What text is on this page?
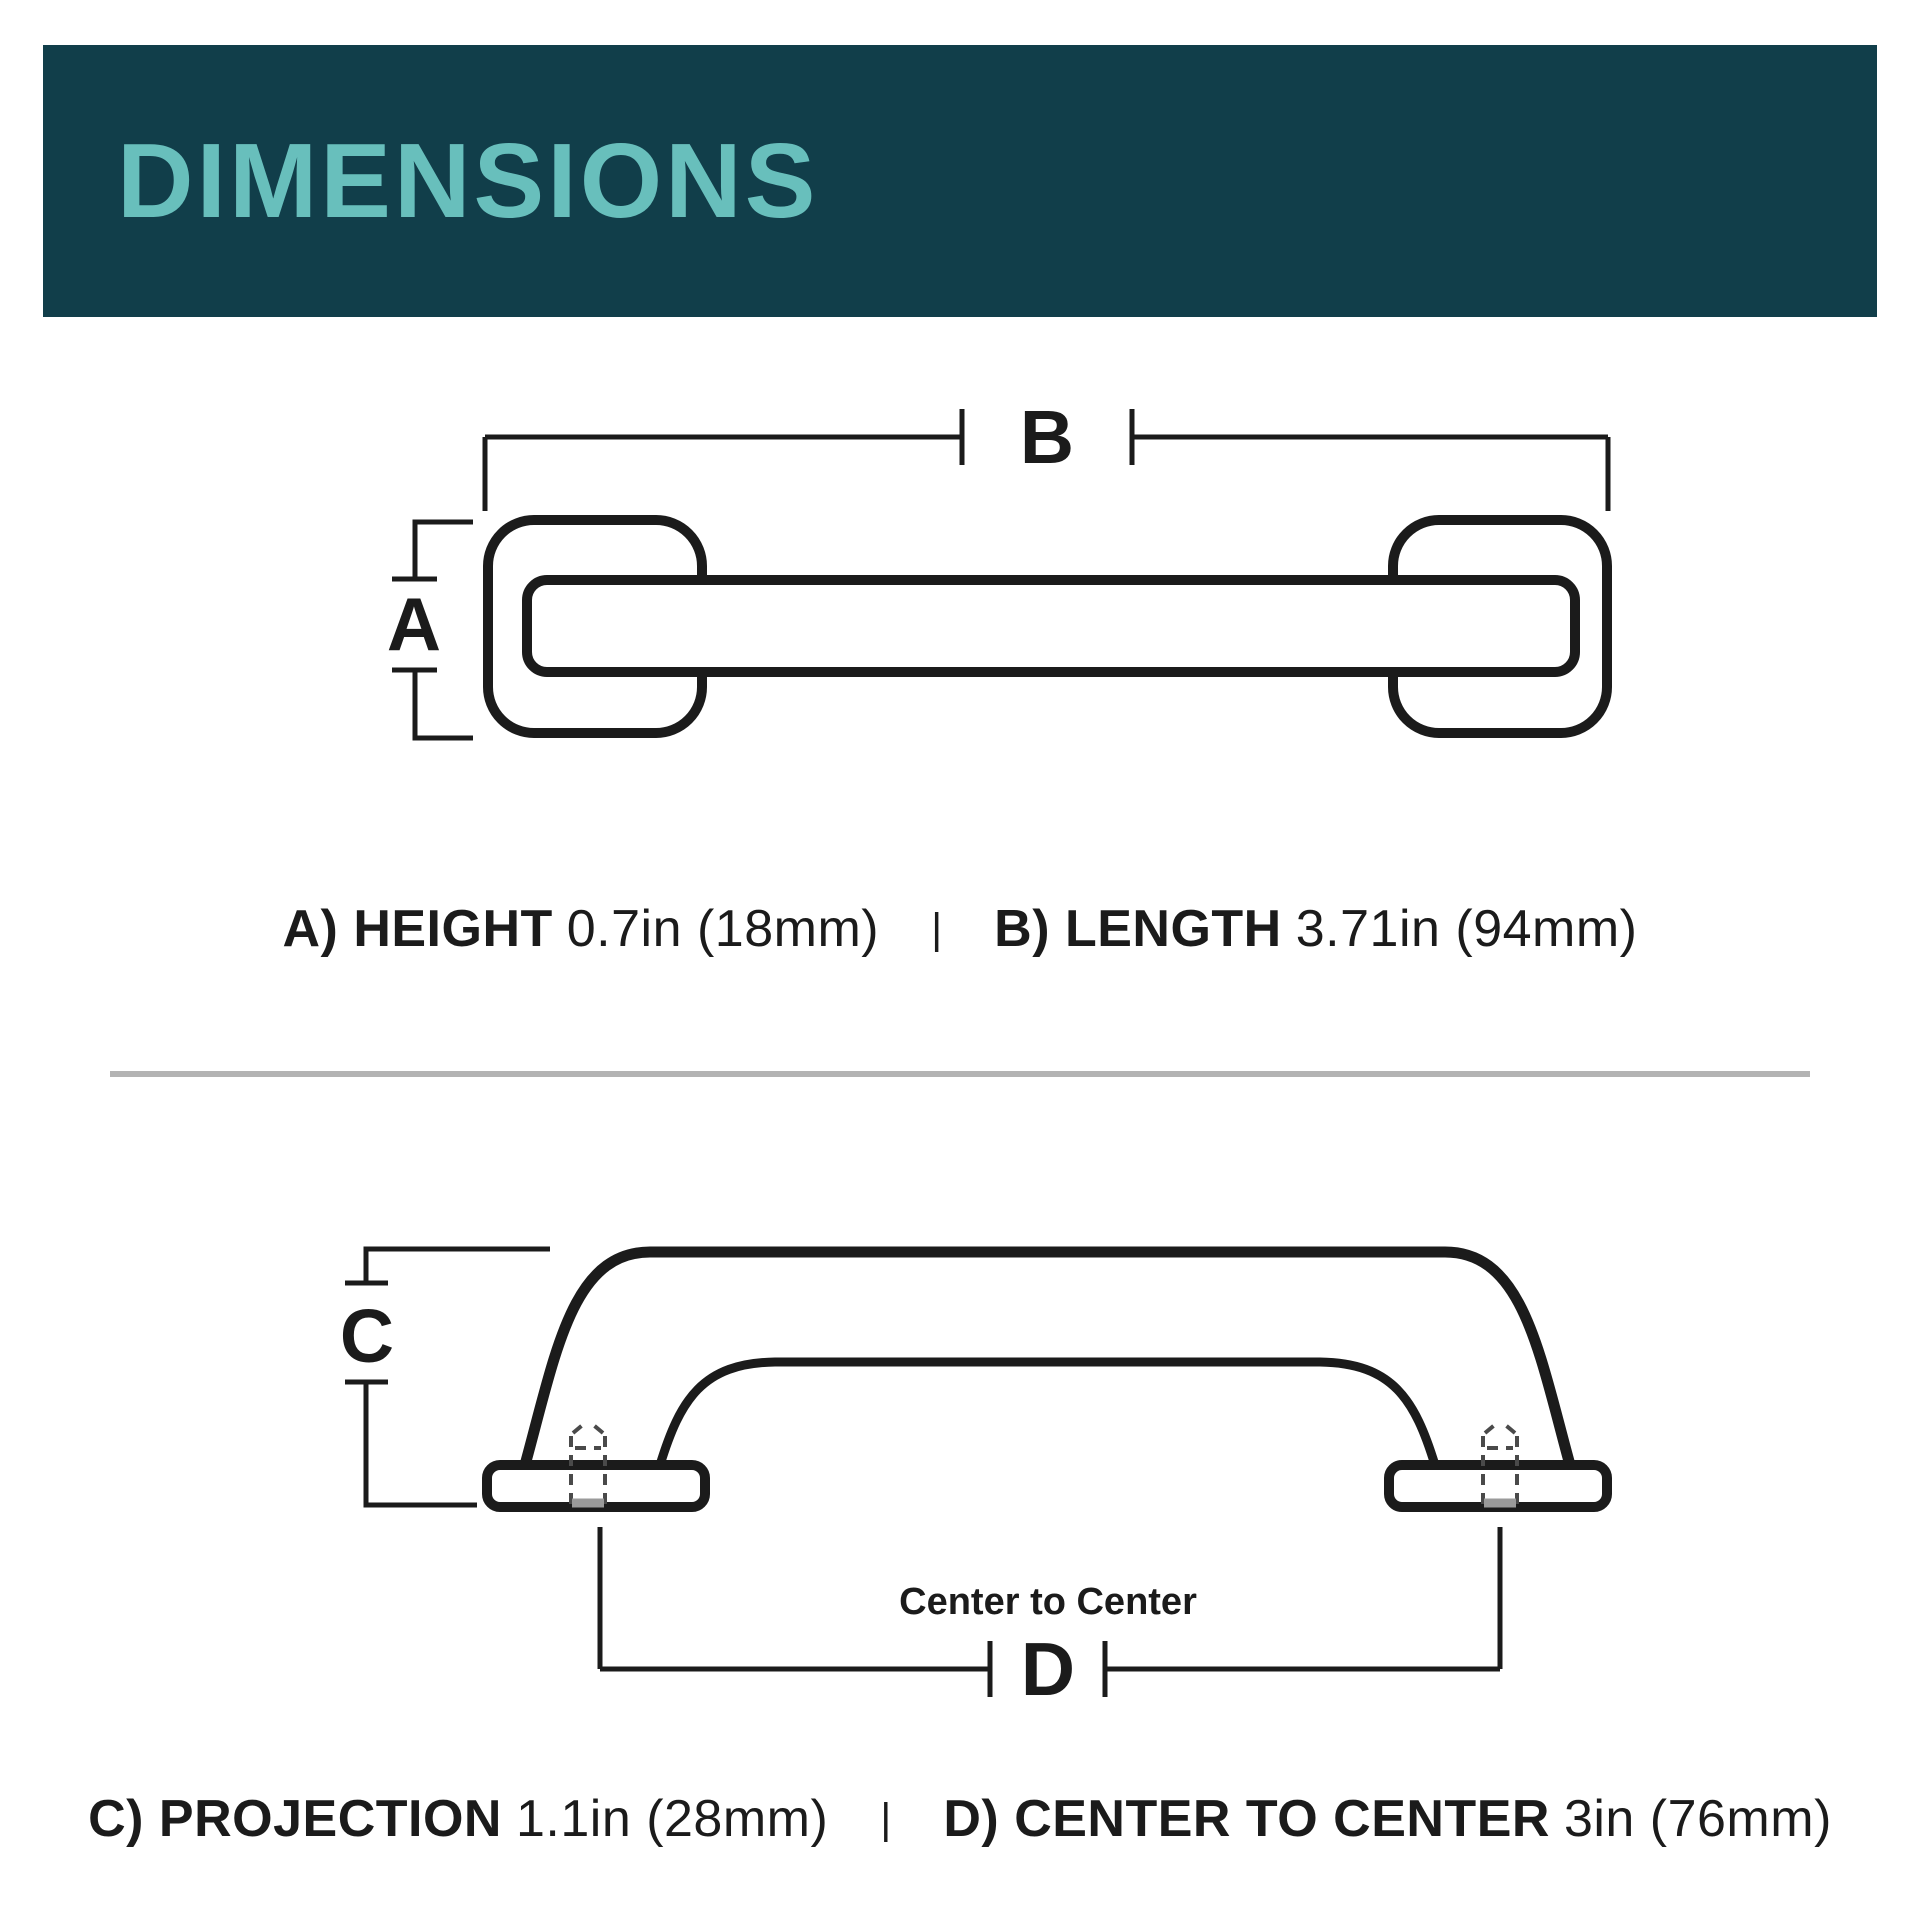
DIMENSIONS
B
A
A) HEIGHT 0.7in (18mm) | B) LENGTH 3.71in (94mm)
C
Center to Center
D
C) PROJECTION 1.1in (28mm) | D) CENTER TO CENTER 3in (76mm)
